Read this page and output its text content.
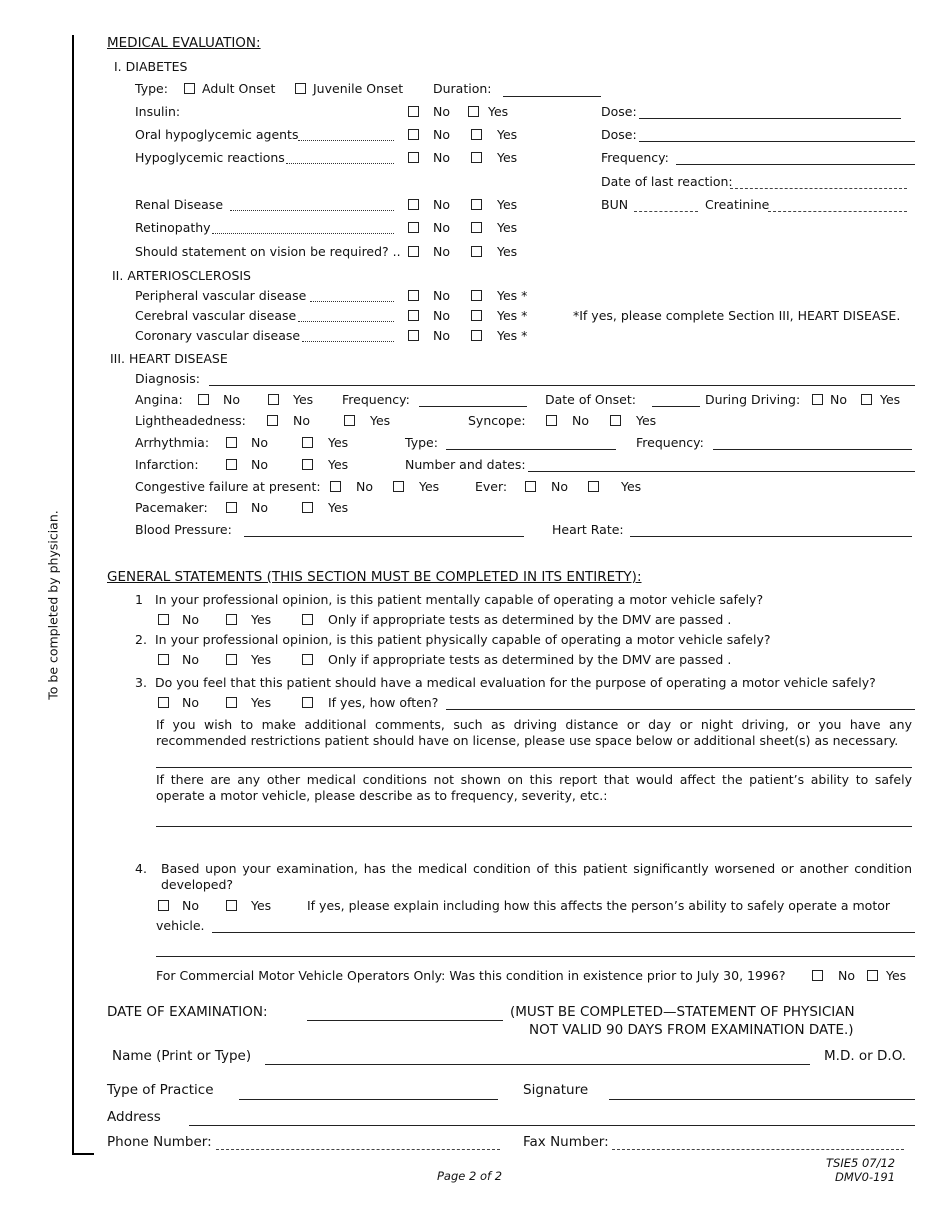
To be completed by physician.
MEDICAL EVALUATION:
I. DIABETES
Type:	Adult Onset	Juvenile Onset Duration:
Insulin:	No	Yes	Dose:
Oral hypoglycemic agents	No	Yes	Dose:
Hypoglycemic reactions	No	Yes	Frequency:
Date of last reaction:
Renal Disease	No	Yes	BUN	Creatinine
Retinopathy	No	Yes
Should statement on vision be required? ..	No	Yes
II. ARTERIOSCLEROSIS
Peripheral vascular disease	No	Yes *
Cerebral vascular disease	No	Yes *	*If yes, please complete Section III, HEART DISEASE.
Coronary vascular disease	No	Yes *
III. HEART DISEASE
Diagnosis:
Angina:	No	Yes Frequency:	Date of Onset:	During Driving: No	Yes
Lightheadedness:	No	Yes	Syncope:	No	Yes
Arrhythmia:	No	Yes	Type:	Frequency:
Infarction:	No	Yes	Number and dates:
Congestive failure at present:	No	Yes	Ever:	No	Yes
Pacemaker:	No	Yes
Blood Pressure:	Heart Rate:
GENERAL STATEMENTS (THIS SECTION MUST BE COMPLETED IN ITS ENTIRETY):
1 In your professional opinion, is this patient mentally capable of operating a motor vehicle safely?
No	Yes	Only if appropriate tests as determined by the DMV are passed .
2. In your professional opinion, is this patient physically capable of operating a motor vehicle safely?
No	Yes	Only if appropriate tests as determined by the DMV are passed .
3. Do you feel that this patient should have a medical evaluation for the purpose of operating a motor vehicle safely?
No	Yes	If yes, how often?
If you wish to make additional comments, such as driving distance or day or night driving, or you have any recommended restrictions patient should have on license, please use space below or additional sheet(s) as necessary.
If there are any other medical conditions not shown on this report that would affect the patient’s ability to safely operate a motor vehicle, please describe as to frequency, severity, etc.:
4. Based upon your examination, has the medical condition of this patient significantly worsened or another condition developed?
No	Yes	If yes, please explain including how this affects the person’s ability to safely operate a motor
vehicle.
For Commercial Motor Vehicle Operators Only: Was this condition in existence prior to July 30, 1996?	No Yes
DATE OF EXAMINATION:	(MUST BE COMPLETED—STATEMENT OF PHYSICIAN
NOT VALID 90 DAYS FROM EXAMINATION DATE.)
Name (Print or Type)	M.D. or D.O.
Type of Practice	Signature
Address
Phone Number:	Fax Number:
Page 2 of 2
TSIE5 07/12
DMV0-191
